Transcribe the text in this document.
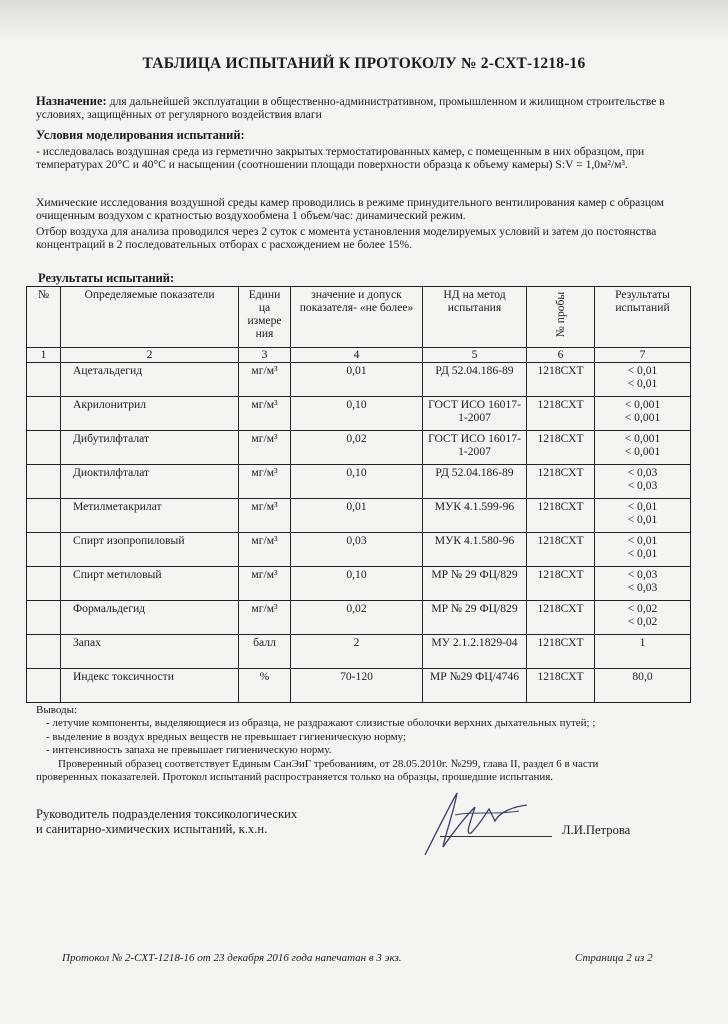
ТАБЛИЦА ИСПЫТАНИЙ К ПРОТОКОЛУ № 2-СХТ-1218-16

Назначение: для дальнейшей эксплуатации в общественно-административном, промышленном и жилищном строительстве в условиях, защищённых от регулярного воздействия влаги

Условия моделирования испытаний:

- исследовалась воздушная среда из герметично закрытых термостатированных камер, с помещенным в них образцом, при температурах 20°С и 40°С и насыщении (соотношении площади поверхности образца к объему камеры) S:V = 1,0м²/м³.

Химические исследования воздушной среды камер проводились в режиме принудительного вентилирования камер с образцом очищенным воздухом с кратностью воздухообмена 1 объем/час: динамический режим.

Отбор воздуха для анализа проводился через 2 суток с момента установления моделируемых условий и затем до постоянства концентраций в 2 последовательных отборах с расхождением не более 15%.

Результаты испытаний:
№	Определяемые показатели	Едини ца измере ния	значение и допуск показателя- «не более»	НД на метод испытания	№ пробы	Результаты испытаний
1	2	3	4	5	6	7
	Ацетальдегид	мг/м³	0,01	РД 52.04.186-89	1218СХТ	< 0,01
< 0,01

	Акрилонитрил	мг/м³	0,10	ГОСТ ИСО 16017-1-2007	1218СХТ	< 0,001
< 0,001

	Дибутилфталат	мг/м³	0,02	ГОСТ ИСО 16017-1-2007	1218СХТ	< 0,001
< 0,001

	Диоктилфталат	мг/м³	0,10	РД 52.04.186-89	1218СХТ	< 0,03
< 0,03

	Метилметакрилат	мг/м³	0,01	МУК 4.1.599-96	1218СХТ	< 0,01
< 0,01

	Спирт изопропиловый	мг/м³	0,03	МУК 4.1.580-96	1218СХТ	< 0,01
< 0,01

	Спирт метиловый	мг/м³	0,10	МР № 29 ФЦ/829	1218СХТ	< 0,03
< 0,03

	Формальдегид	мг/м³	0,02	МР № 29 ФЦ/829	1218СХТ	< 0,02
< 0,02

	Запах	балл	2	МУ 2.1.2.1829-04	1218СХТ	1

	Индекс токсичности	%	70-120	МР №29 ФЦ/4746	1218СХТ	80,0
Выводы:
- летучие компоненты, выделяющиеся из образца, не раздражают слизистые оболочки верхних дыхательных путей; ;
- выделение в воздух вредных веществ не превышает гигиеническую норму;
- интенсивность запаха не превышает гигиеническую норму.
Проверенный образец соответствует Единым СанЭиГ требованиям, от 28.05.2010г. №299, глава II, раздел 6 в части
проверенных показателей. Протокол испытаний распространяется только на образцы, прошедшие испытания.
Руководитель подразделения токсикологических
и санитарно-химических испытаний, к.х.н.	Л.И.Петрова
Протокол № 2-СХТ-1218-16 от 23 декабря 2016 года напечатан в 3 экз.	Страница 2 из 2
